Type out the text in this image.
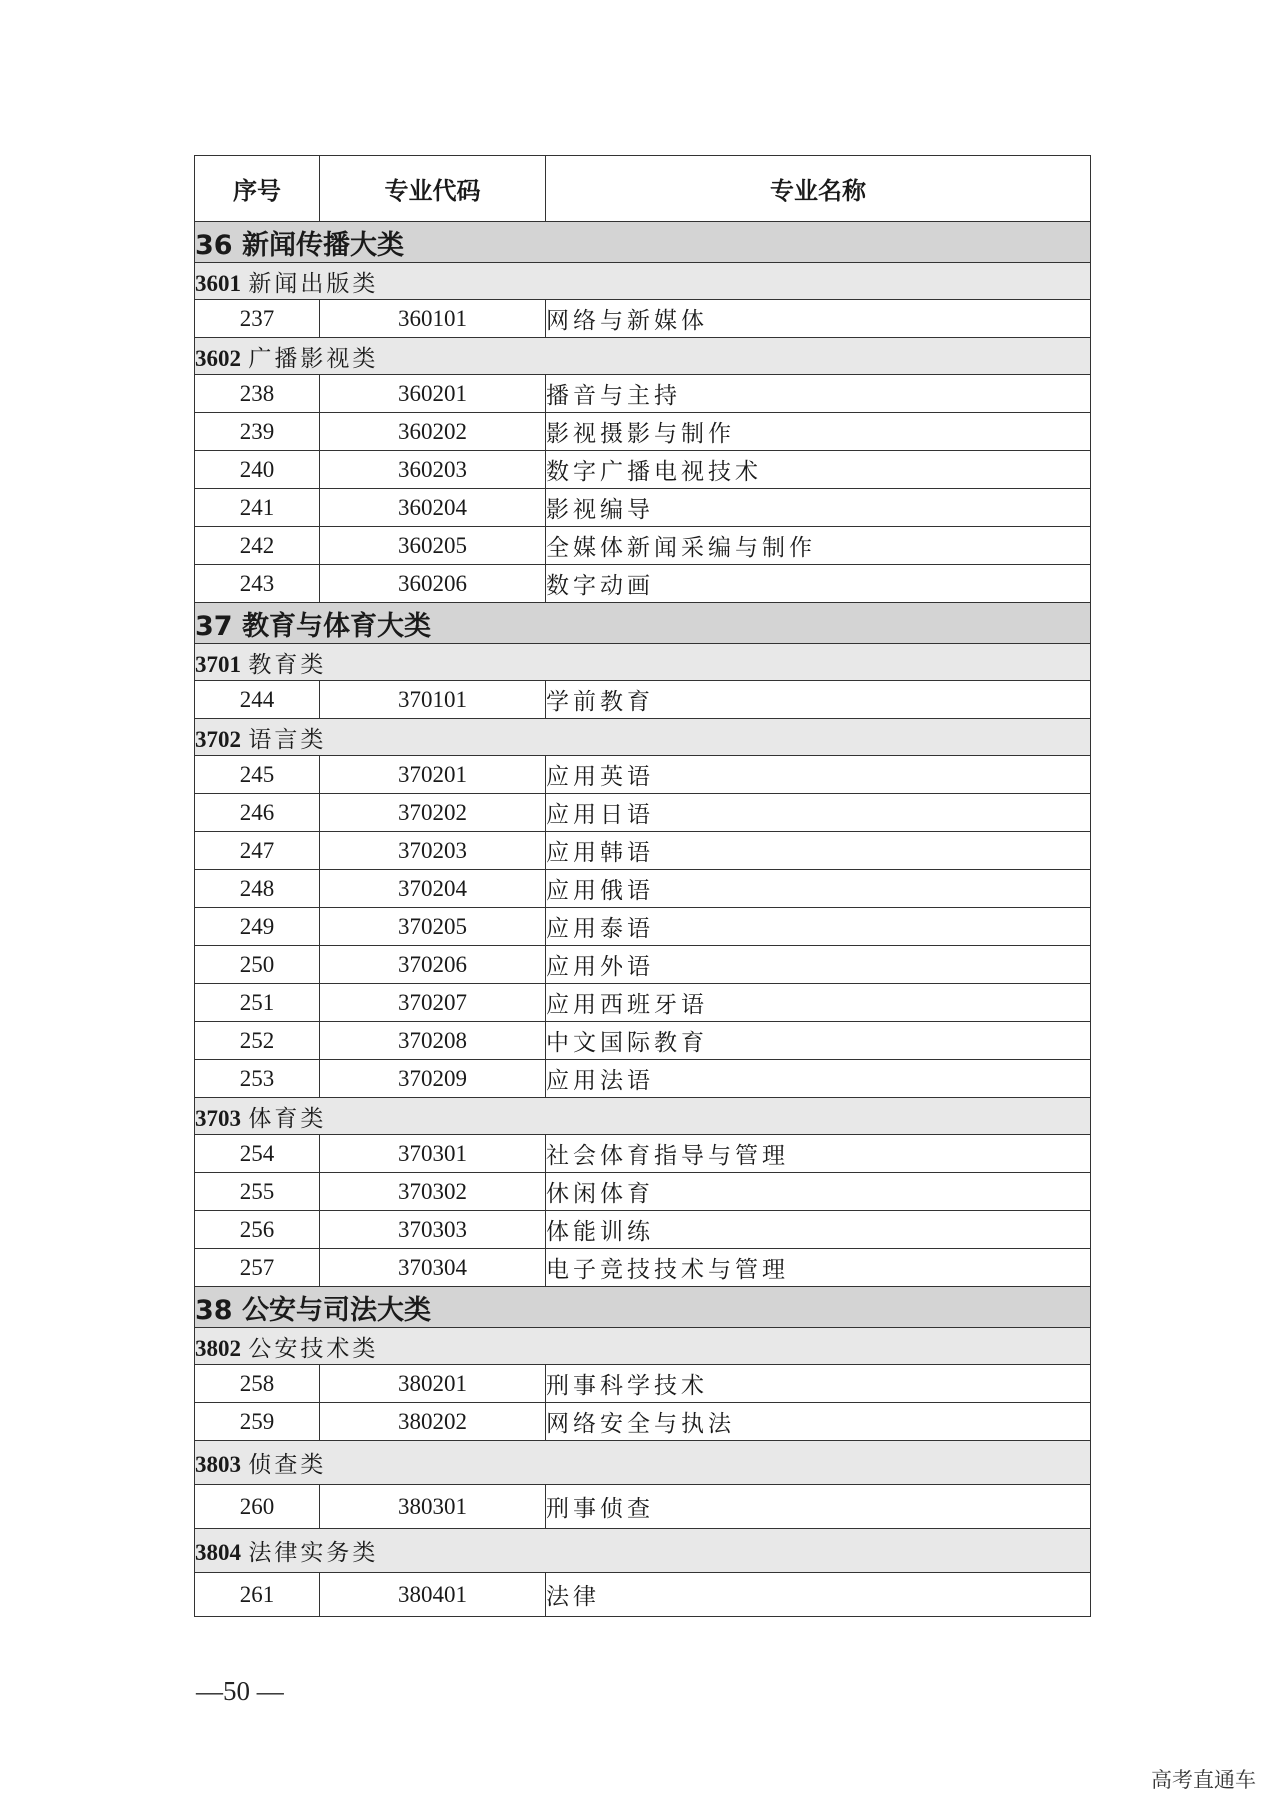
序号	专业代码	专业名称
36 新闻传播大类		
3601 新闻出版类		
237	360101	网络与新媒体
3602 广播影视类		
238	360201	播音与主持
239	360202	影视摄影与制作
240	360203	数字广播电视技术
241	360204	影视编导
242	360205	全媒体新闻采编与制作
243	360206	数字动画
37 教育与体育大类		
3701 教育类		
244	370101	学前教育
3702 语言类		
245	370201	应用英语
246	370202	应用日语
247	370203	应用韩语
248	370204	应用俄语
249	370205	应用泰语
250	370206	应用外语
251	370207	应用西班牙语
252	370208	中文国际教育
253	370209	应用法语
3703 体育类		
254	370301	社会体育指导与管理
255	370302	休闲体育
256	370303	体能训练
257	370304	电子竞技技术与管理
38 公安与司法大类		
3802 公安技术类		
258	380201	刑事科学技术
259	380202	网络安全与执法
3803 侦查类		
260	380301	刑事侦查
3804 法律实务类		
261	380401	法律
—50 —
高考直通车
